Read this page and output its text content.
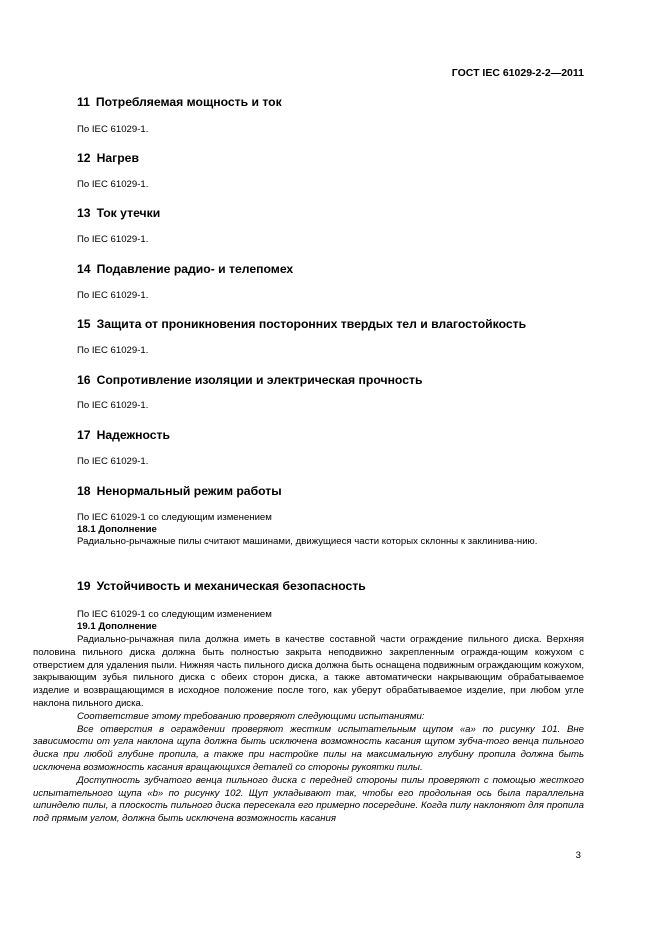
ГОСТ IEC 61029-2-2—2011
11 Потребляемая мощность и ток
По IEC 61029-1.
12 Нагрев
По IEC 61029-1.
13 Ток утечки
По IEC 61029-1.
14 Подавление радио- и телепомех
По IEC 61029-1.
15 Защита от проникновения посторонних твердых тел и влагостойкость
По IEC 61029-1.
16 Сопротивление изоляции и электрическая прочность
По IEC 61029-1.
17 Надежность
По IEC 61029-1.
18 Ненормальный режим работы
По IEC 61029-1 со следующим изменением
18.1 Дополнение

Радиально-рычажные пилы считают машинами, движущиеся части которых склонны к заклинива-нию.

19 Устойчивость и механическая безопасность
По IEC 61029-1 со следующим изменением
19.1 Дополнение

Радиально-рычажная пила должна иметь в качестве составной части ограждение пильного диска. Верхняя половина пильного диска должна быть полностью закрыта неподвижно закрепленным огражда-ющим кожухом с отверстием для удаления пыли. Нижняя часть пильного диска должна быть оснащена подвижным ограждающим кожухом, закрывающим зубья пильного диска с обеих сторон диска, а также автоматически накрывающим обрабатываемое изделие и возвращающимся в исходное положение после того, как уберут обрабатываемое изделие, при любом угле наклона пильного диска.

Соответствие этому требованию проверяют следующими испытаниями:

Все отверстия в ограждении проверяют жестким испытательным щупом «а» по рисунку 101. Вне зависимости от угла наклона щупа должна быть исключена возможность касания щупом зубча-того венца пильного диска при любой глубине пропила, а также при настройке пилы на максимальную глубину пропила должна быть исключена возможность касания вращающихся деталей со стороны рукоятки пилы.

Доступность зубчатого венца пильного диска с передней стороны пилы проверяют с помощью жесткого испытательного щупа «b» по рисунку 102. Щуп укладывают так, чтобы его продольная ось была параллельна шпинделю пилы, а плоскость пильного диска пересекала его примерно посередине. Когда пилу наклоняют для пропила под прямым углом, должна быть исключена возможность касания

3
